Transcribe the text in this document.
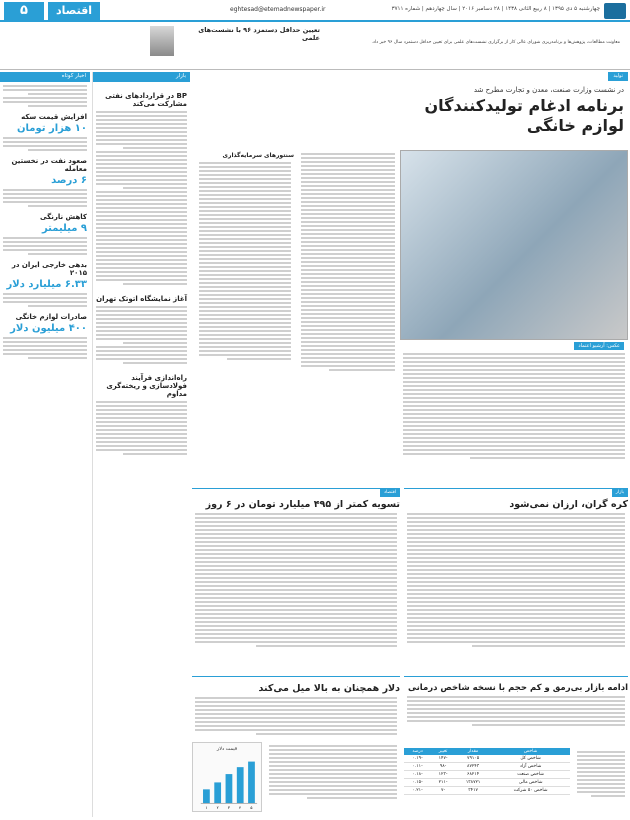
۵	اقتصاد	eghtesad@etemadnewspaper.ir	چهارشنبه ۵ دی ۱۳۹۵ | ۸ ربیع الثانی ۱۴۳۸ | ۲۸ دسامبر ۲۰۱۶ | سال چهاردهم | شماره ۳۷۱۱
تعیین حداقل دستمزد ۹۶ با نشست‌های علمی
معاونت مطالعات، پژوهش‌ها و برنامه‌ریزی شورای عالی کار از برگزاری نشست‌های علمی برای تعیین حداقل دستمزد سال ۹۶ خبر داد.
اخبار کوتاه
افزایش قیمت سکه
۱۰ هزار تومان
صعود نفت در نخستین معامله
۶ درصد
کاهش نارنگی
۹ میلیمتر
بدهی خارجی ایران در ۲۰۱۵
۶.۳۳ میلیارد دلار
صادرات لوازم خانگی
۴۰۰ میلیون دلار
بازار
BP در قراردادهای نفتی مشارکت می‌کند
آغاز نمایشگاه اتوتک تهران
راه‌اندازی فرآیند فولادسازی و ریخته‌گری مداوم
تولید
در نشست وزارت صنعت، معدن و تجارت مطرح شد
برنامه ادغام تولیدکنندگان لوازم خانگی
عکس: آرشیو اعتماد
سنتورهای سرمایه‌گذاری
اقتصاد
تسویه کمتر از ۴۹۵ میلیارد تومان در ۶ روز
بازار
کره گران، ارزان نمی‌شود
دلار همچنان به بالا میل می‌کند
قیمت دلار
۱ ۲ ۳ ۴ ۵
ادامه بازار بی‌رمق و کم حجم با نسخه شاخص درمانی
شاخص	مقدار	تغییر	درصد
شاخص کل	۷۹۱۰۵	-۱۴۷	-۰.۱۹
شاخص آزاد	۸۷۲۴۳	-۹۸	-۰.۱۱
شاخص صنعت	۶۸۲۱۴	-۱۲۳	-۰.۱۸
شاخص مالی	۱۳۸۷۲۱	-۲۱۱	-۰.۱۵
شاخص ۵۰ شرکت	۳۴۱۷	-۷	-۰.۲۱
